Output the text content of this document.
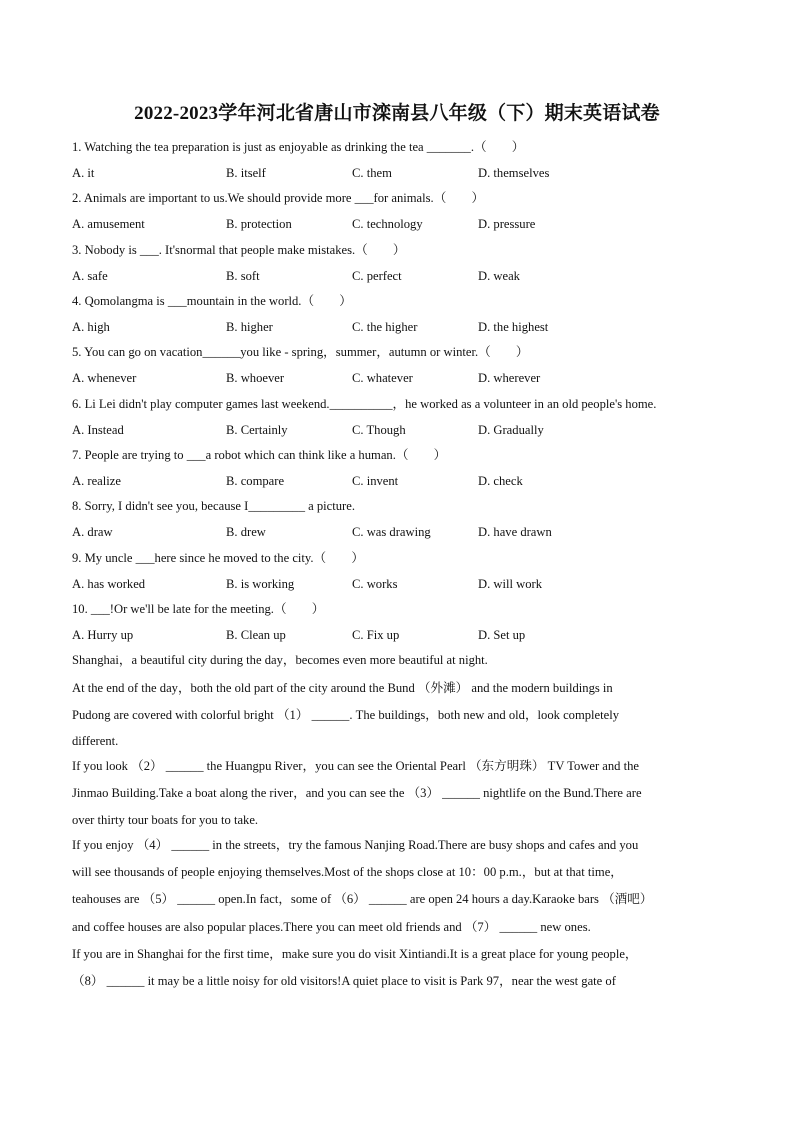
2022-2023学年河北省唐山市滦南县八年级（下）期末英语试卷
1. Watching the tea preparation is just as enjoyable as drinking the tea _______.（　　）
A. it	B. itself	C. them	D. themselves
2. Animals are important to us.We should provide more ___for animals.（　　）
A. amusement	B. protection	C. technology	D. pressure
3. Nobody is ___. It'snormal that people make mistakes.（　　）
A. safe	B. soft	C. perfect	D. weak
4. Qomolangma is ___mountain in the world.（　　）
A. high	B. higher	C. the higher	D. the highest
5. You can go on vacation______you like - spring，summer，autumn or winter.（　　）
A. whenever	B. whoever	C. whatever	D. wherever
6. Li Lei didn't play computer games last weekend.__________，he worked as a volunteer in an old people's home.
A. Instead	B. Certainly	C. Though	D. Gradually
7. People are trying to ___a robot which can think like a human.（　　）
A. realize	B. compare	C. invent	D. check
8. Sorry, I didn't see you, because I_________ a picture.
A. draw	B. drew	C. was drawing	D. have drawn
9. My uncle ___here since he moved to the city.（　　）
A. has worked	B. is working	C. works	D. will work
10. ___!Or we'll be late for the meeting.（　　）
A. Hurry up	B. Clean up	C. Fix up	D. Set up
Shanghai，a beautiful city during the day，becomes even more beautiful at night.
At the end of the day，both the old part of the city around the Bund （外滩） and the modern buildings in
Pudong are covered with colorful bright （1） ______. The buildings，both new and old，look completely
different.
If you look （2） ______ the Huangpu River，you can see the Oriental Pearl （东方明珠） TV Tower and the
Jinmao Building.Take a boat along the river，and you can see the （3） ______ nightlife on the Bund.There are
over thirty tour boats for you to take.
If you enjoy （4） ______ in the streets，try the famous Nanjing Road.There are busy shops and cafes and you
will see thousands of people enjoying themselves.Most of the shops close at 10：00 p.m.，but at that time，
teahouses are （5） ______ open.In fact，some of （6） ______ are open 24 hours a day.Karaoke bars （酒吧）
and coffee houses are also popular places.There you can meet old friends and （7） ______ new ones.
If you are in Shanghai for the first time，make sure you do visit Xintiandi.It is a great place for young people，
（8） ______ it may be a little noisy for old visitors!A quiet place to visit is Park 97，near the west gate of
